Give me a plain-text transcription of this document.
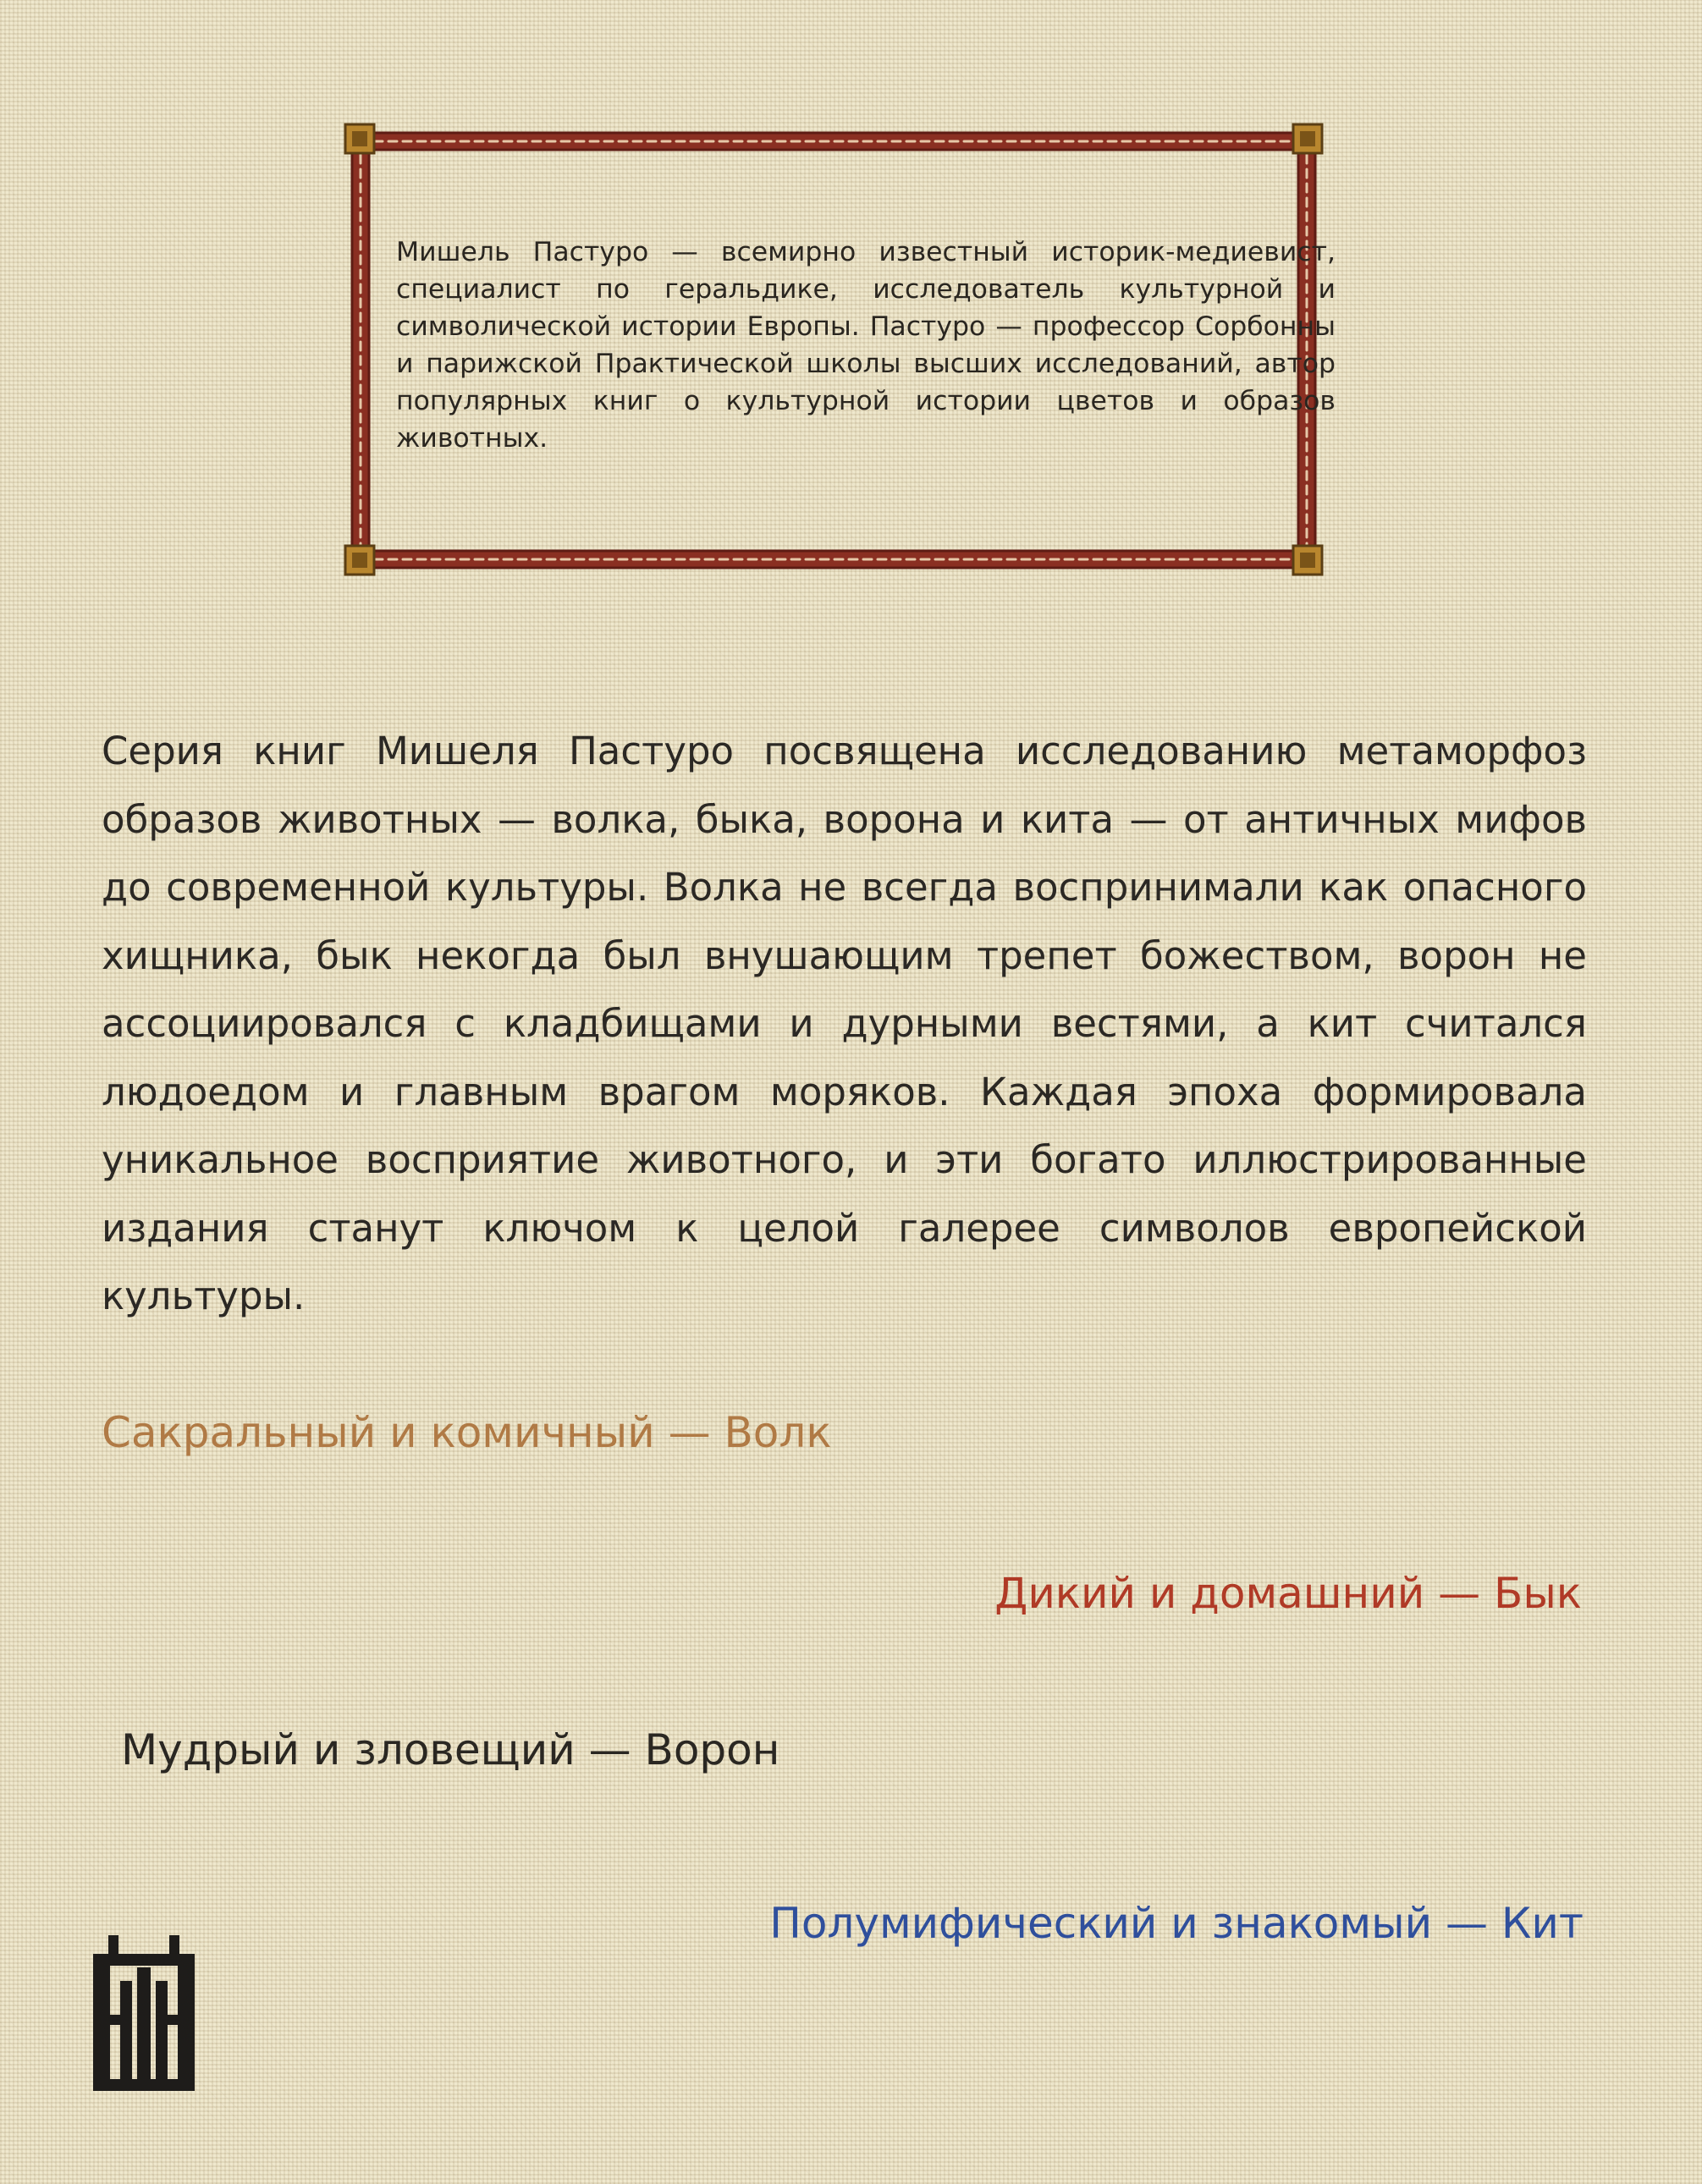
Мишель Пастуро — всемирно известный историк-медиевист, специалист по геральдике, исследователь культурной и символической истории Европы. Пастуро — профессор Сорбонны и парижской Практической школы высших исследований, автор популярных книг о культурной истории цветов и образов животных.

Серия книг Мишеля Пастуро посвящена исследованию метаморфоз образов животных — волка, быка, ворона и кита — от античных мифов до современной культуры. Волка не всегда воспринимали как опасного хищника, бык некогда был внушающим трепет божеством, ворон не ассоциировался с кладбищами и дурными вестями, а кит считался людоедом и главным врагом моряков. Каждая эпоха формировала уникальное восприятие животного, и эти богато иллюстрированные издания станут ключом к целой галерее символов европейской культуры.

Сакральный и комичный — Волк

Дикий и домашний — Бык

Мудрый и зловещий — Ворон

Полумифический и знакомый — Кит
